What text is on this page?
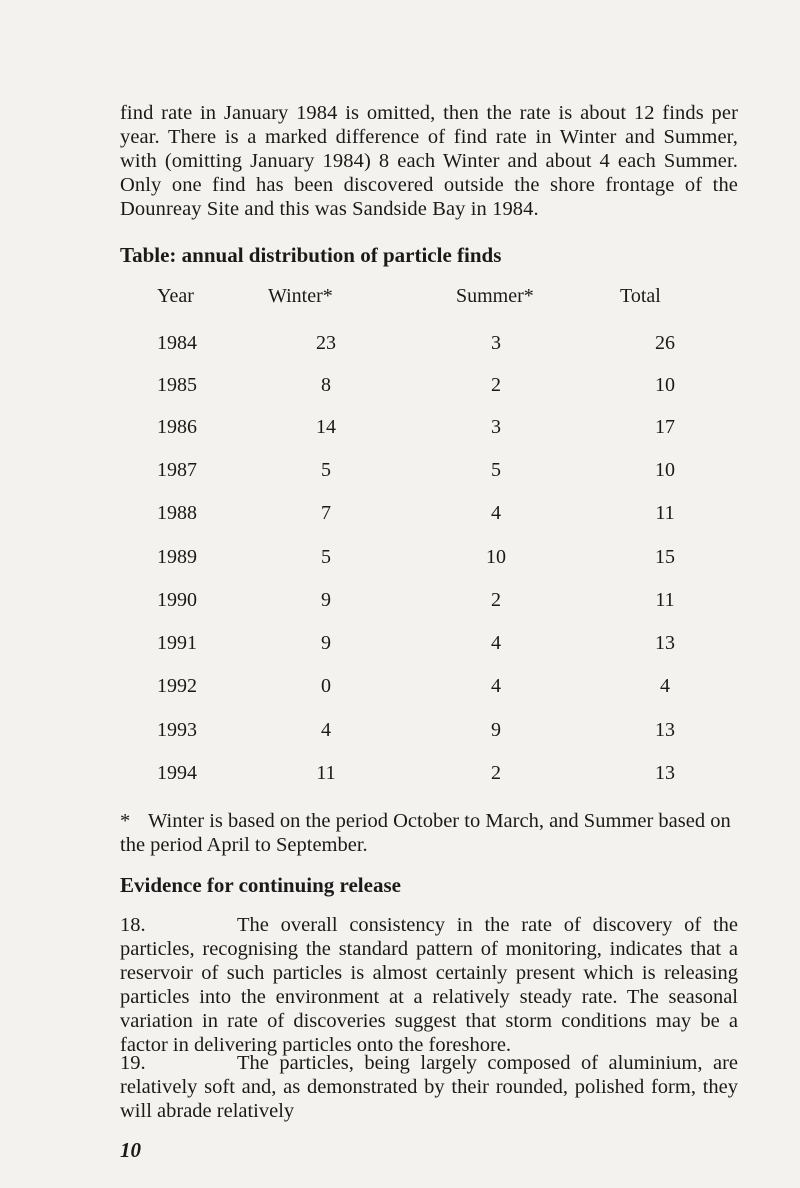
find rate in January 1984 is omitted, then the rate is about 12 finds per year. There is a marked difference of find rate in Winter and Summer, with (omitting January 1984) 8 each Winter and about 4 each Summer. Only one find has been discovered outside the shore frontage of the Dounreay Site and this was Sandside Bay in 1984.

Table: annual distribution of particle finds
Year	Winter*	Summer*	Total
1984	23	3	26
1985	8	2	10
1986	14	3	17
1987	5	5	10
1988	7	4	11
1989	5	10	15
1990	9	2	11
1991	9	4	13
1992	0	4	4
1993	4	9	13
1994	11	2	13

* Winter is based on the period October to March, and Summer based on the period April to September.

Evidence for continuing release

18.	The overall consistency in the rate of discovery of the particles, recognising the standard pattern of monitoring, indicates that a reservoir of such particles is almost certainly present which is releasing particles into the environment at a relatively steady rate. The seasonal variation in rate of discoveries suggest that storm conditions may be a factor in delivering particles onto the foreshore.

19.	The particles, being largely composed of aluminium, are relatively soft and, as demonstrated by their rounded, polished form, they will abrade relatively

10
